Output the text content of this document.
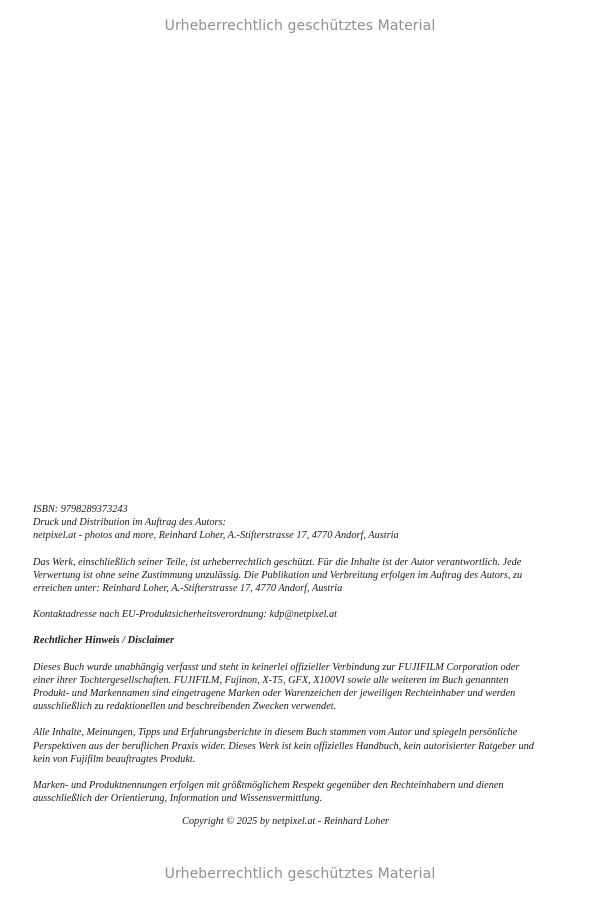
Urheberrechtlich geschütztes Material

ISBN: 9798289373243

Druck und Distribution im Auftrag des Autors:

netpixel.at - photos and more, Reinhard Loher, A.-Stifterstrasse 17, 4770 Andorf, Austria

Das Werk, einschließlich seiner Teile, ist urheberrechtlich geschützt. Für die Inhalte ist der Autor verantwortlich. Jede Verwertung ist ohne seine Zustimmung unzulässig. Die Publikation und Verbreitung erfolgen im Auftrag des Autors, zu erreichen unter: Reinhard Loher, A.-Stifterstrasse 17, 4770 Andorf, Austria

Kontaktadresse nach EU-Produktsicherheitsverordnung: kdp@netpixel.at

Rechtlicher Hinweis / Disclaimer

Dieses Buch wurde unabhängig verfasst und steht in keinerlei offizieller Verbindung zur FUJIFILM Corporation oder einer ihrer Tochtergesellschaften. FUJIFILM, Fujinon, X-T5, GFX, X100VI sowie alle weiteren im Buch genannten Produkt- und Markennamen sind eingetragene Marken oder Warenzeichen der jeweiligen Rechteinhaber und werden ausschließlich zu redaktionellen und beschreibenden Zwecken verwendet.

Alle Inhalte, Meinungen, Tipps und Erfahrungsberichte in diesem Buch stammen vom Autor und spiegeln persönliche Perspektiven aus der beruflichen Praxis wider. Dieses Werk ist kein offizielles Handbuch, kein autorisierter Ratgeber und kein von Fujifilm beauftragtes Produkt.

Marken- und Produktnennungen erfolgen mit größtmöglichem Respekt gegenüber den Rechteinhabern und dienen ausschließlich der Orientierung, Information und Wissensvermittlung.

Copyright © 2025 by netpixel.at - Reinhard Loher

Urheberrechtlich geschütztes Material
